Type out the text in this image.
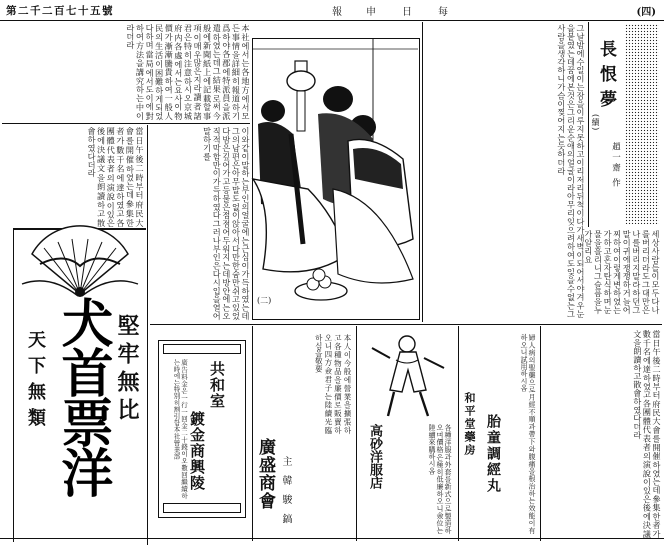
第二千二百七十五號	報 申	日	每	(四)
本社에서는各地方에서모든事情을詳細히報道하기爲하야各郡에特派員을派遣하였는데그結果로써今般에新聞紙上에記載할事項이매우많은지라讀者諸君은特히注意하시오京城府内各處에서는요사이物價가漸漸騰貴하여一般人民의生活이困難하게되었다하며當局에서도이에對하여方法을講究하는中이라더라
이와같이말하는부인의얼굴에는근심이가득하였는데그의남편은아무말도없이앉아서다만한숨만쉬고있었다밤은깊어가고등불은점점어두워지는데방안에는오직적막함만이가득하였다그러나부인은다시입을열어말하기를
當日午後二時부터府民大會를開催하였는데參集한者가數千名에達하였고各團體代表者의演說이있은後에決議文을朗讀하고散會하였다더라
(二)	그날밤에수일이는잠을이루지못하고이리저리뒤척이다가새벽이되어서야겨우눈을붙였는데꿈에본것은그리운순애의얼굴이라아무리잊으려하여도잊을수없는그사람을생각하니가슴이찢어지는듯하더라	長恨夢
(續)
趙一齋 作
세상사람들이모두다나를버리더라도그대만은나를버리지말라하던그말이귀에쟁쟁하거늘어찌하여이렇게변하였는가하고혼자탄식하며눈물을흘리니그슬픔을누가알리요
堅牢無比
天下無類 犬首票洋	共和室
鍍金商興陵
廣告料金은一行一回金二十錢이오數回繼續하는時에는特別히割引함本社營業部	本人이今般에營業을擴張하고各種物品을廉價로販賣하오니四方僉君子는陸續光臨하심을敬要
廣盛商會 主 韓 駿 鎬	高砂洋服店	各種洋服과外套를新式으로製造하오며價格은極히低廉하오니僉位는陸續來購하시옵	和平堂藥房 胎童調經丸	婦人病의聖藥으로月經不順과帶下와腹痛을根治하는效能이有하오니試用하시옵	當日午後二時부터府民大會를開催하였는데參集한者가數千名에達하였고各團體代表者의演說이있은後에決議文을朗讀하고散會하였다더라
